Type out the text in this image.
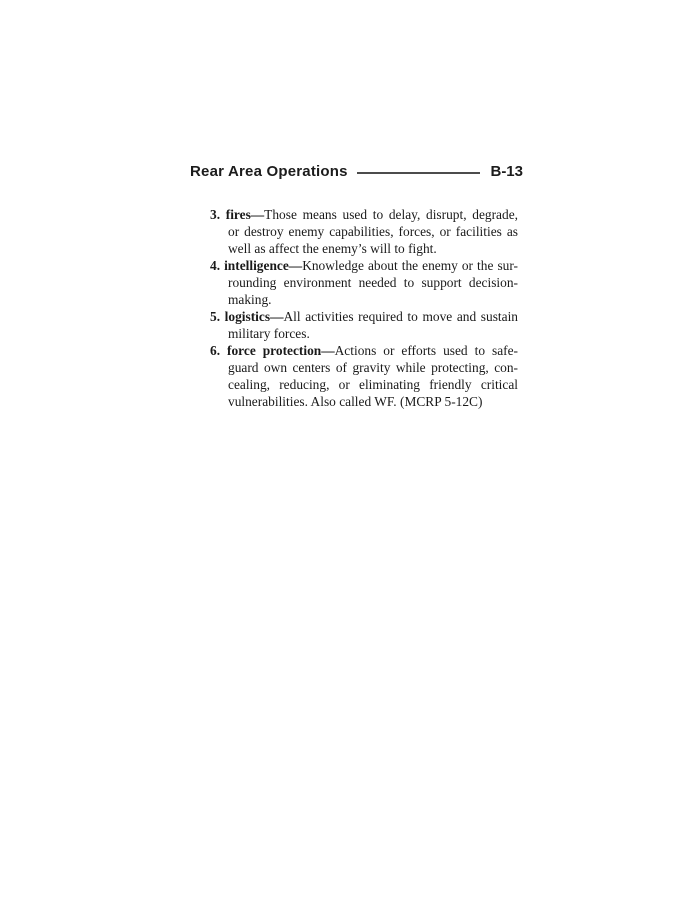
Rear Area Operations	B-13
3. fires—Those means used to delay, disrupt, degrade,
or destroy enemy capabilities, forces, or facilities as
well as affect the enemy’s will to fight.
4. intelligence—Knowledge about the enemy or the sur-
rounding environment needed to support decision-
making.
5. logistics—All activities required to move and sustain
military forces.
6. force protection—Actions or efforts used to safe-
guard own centers of gravity while protecting, con-
cealing, reducing, or eliminating friendly critical
vulnerabilities. Also called WF. (MCRP 5-12C)
